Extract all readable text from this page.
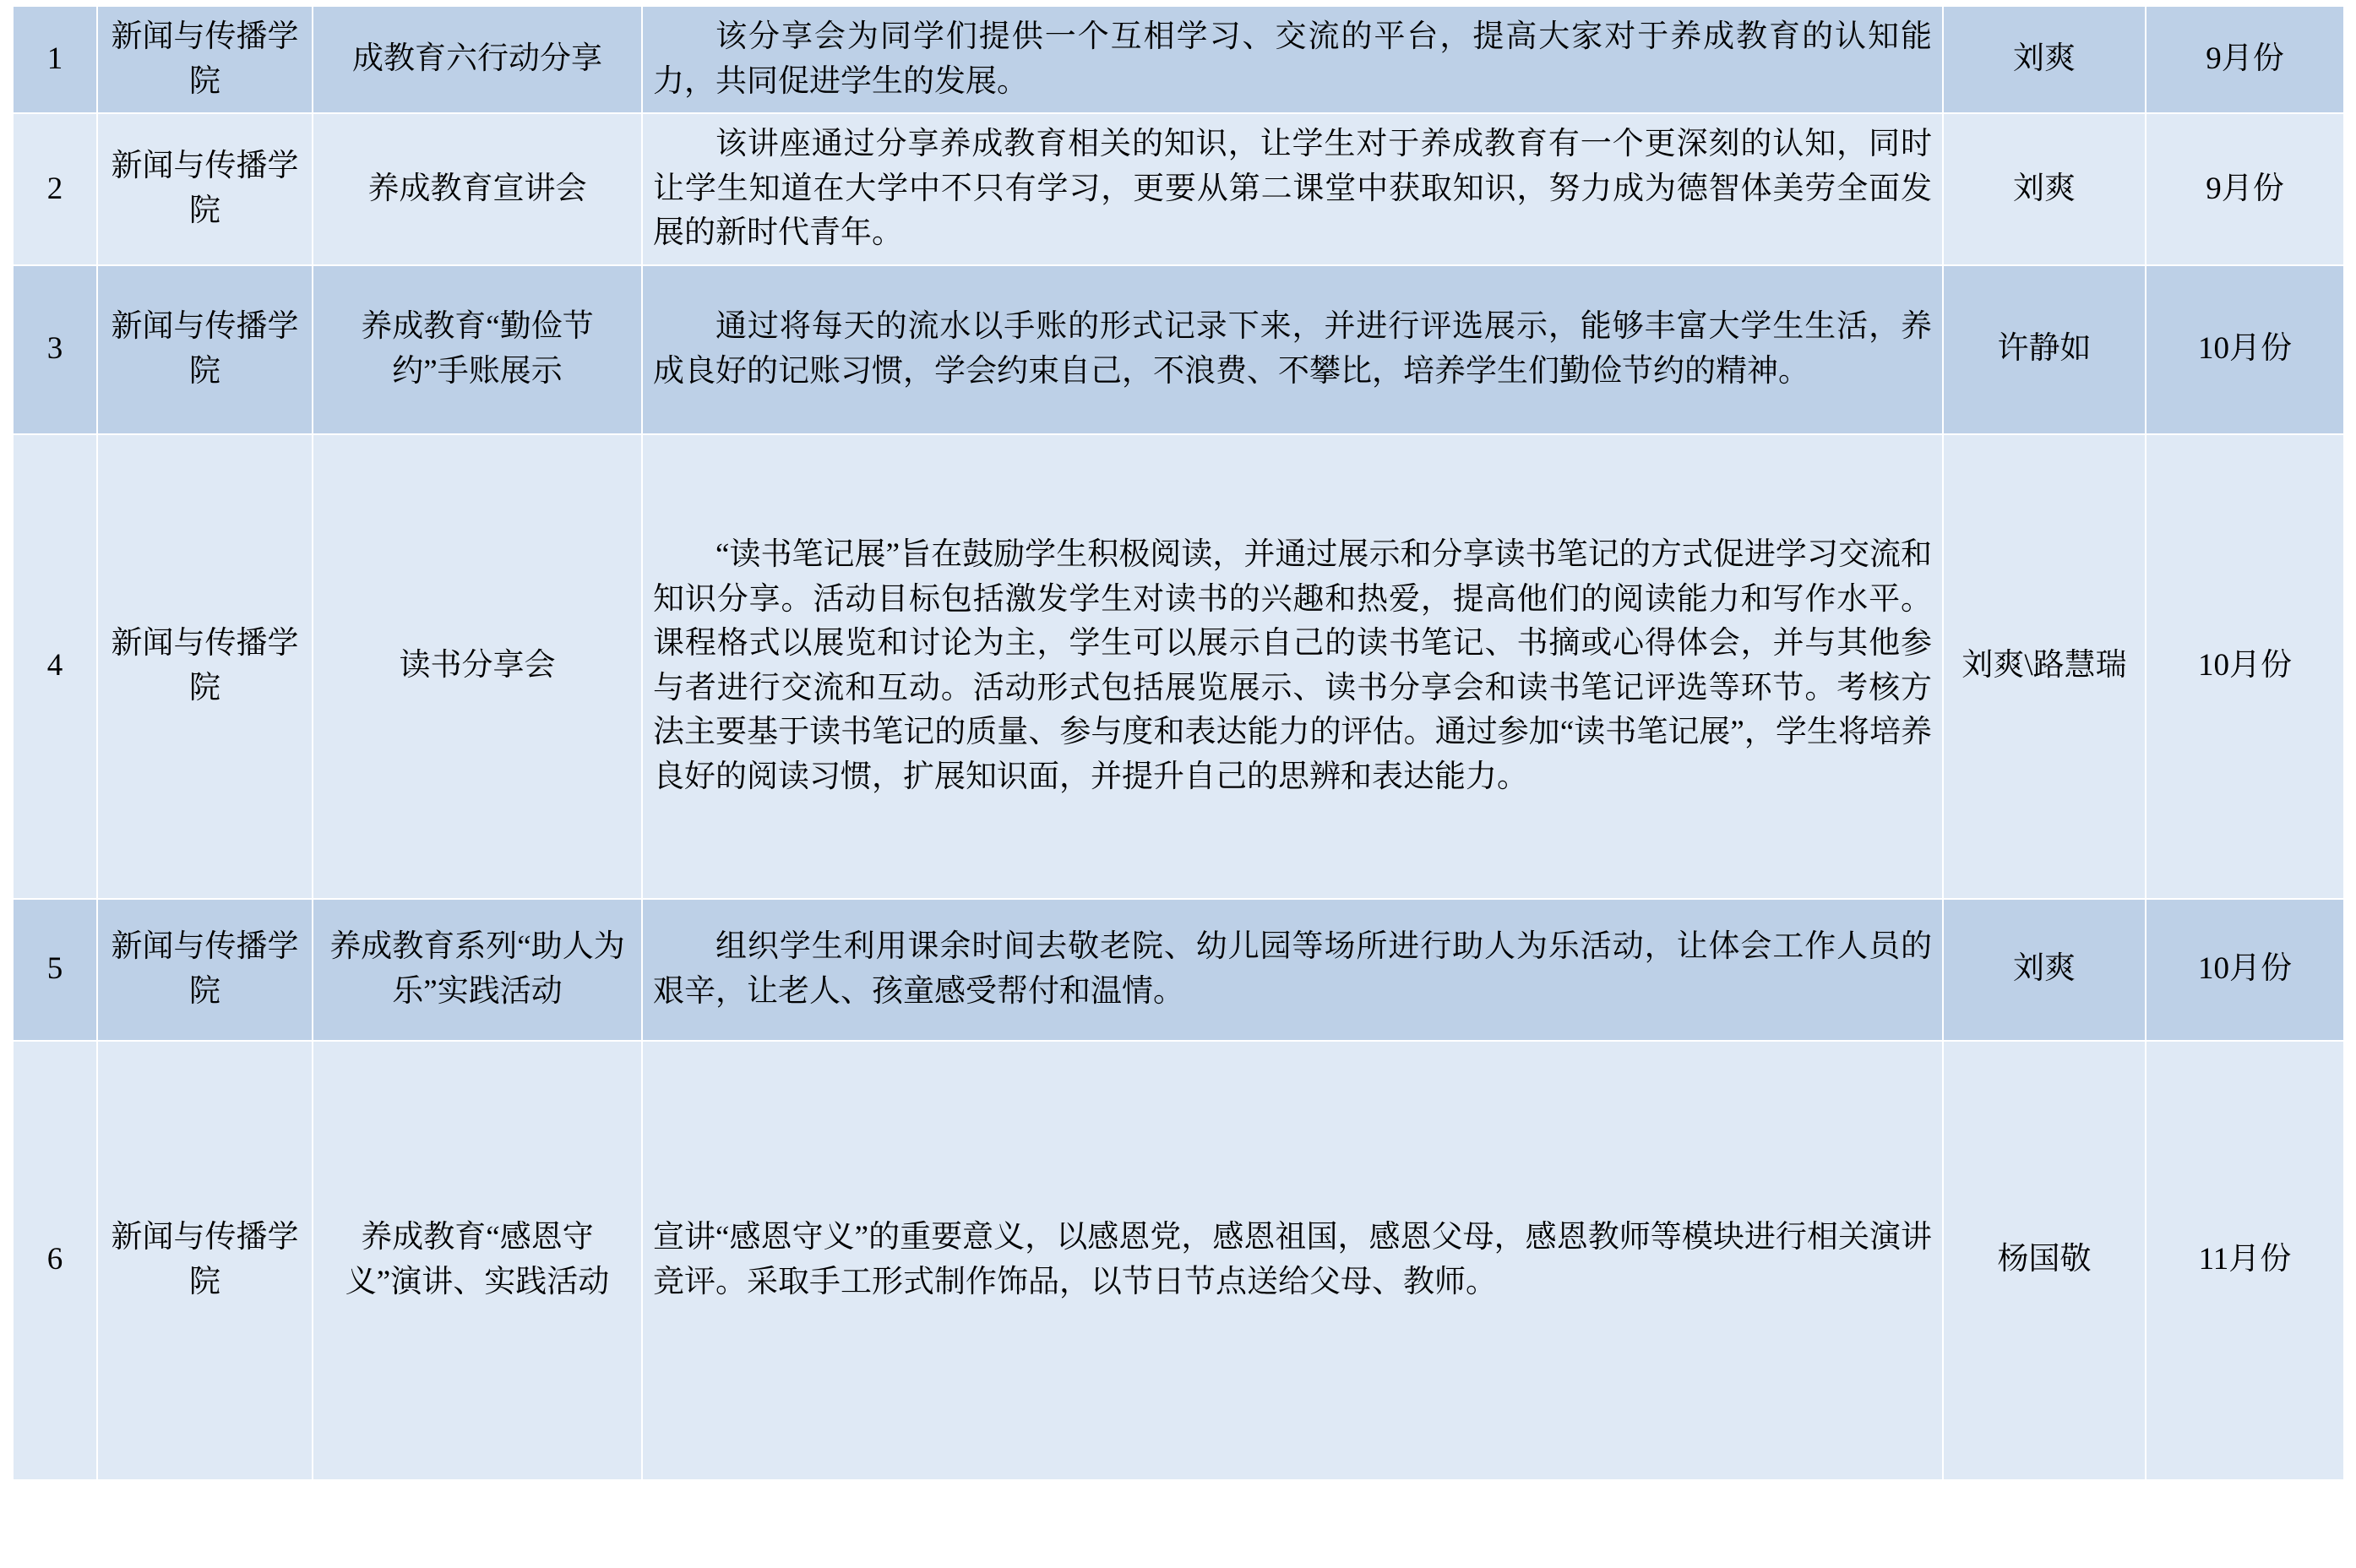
1	新闻与传播学院	成教育六行动分享	该分享会为同学们提供一个互相学习、交流的平台，提高大家对于养成教育的认知能力，共同促进学生的发展。	刘爽	9月份
2	新闻与传播学院	养成教育宣讲会	该讲座通过分享养成教育相关的知识，让学生对于养成教育有一个更深刻的认知，同时让学生知道在大学中不只有学习，更要从第二课堂中获取知识，努力成为德智体美劳全面发展的新时代青年。	刘爽	9月份
3	新闻与传播学院	养成教育“勤俭节约”手账展示	通过将每天的流水以手账的形式记录下来，并进行评选展示，能够丰富大学生生活，养成良好的记账习惯，学会约束自己，不浪费、不攀比，培养学生们勤俭节约的精神。	许静如	10月份
4	新闻与传播学院	读书分享会	“读书笔记展”旨在鼓励学生积极阅读，并通过展示和分享读书笔记的方式促进学习交流和知识分享。活动目标包括激发学生对读书的兴趣和热爱，提高他们的阅读能力和写作水平。课程格式以展览和讨论为主，学生可以展示自己的读书笔记、书摘或心得体会，并与其他参与者进行交流和互动。活动形式包括展览展示、读书分享会和读书笔记评选等环节。考核方法主要基于读书笔记的质量、参与度和表达能力的评估。通过参加“读书笔记展”，学生将培养良好的阅读习惯，扩展知识面，并提升自己的思辨和表达能力。	刘爽\路慧瑞	10月份
5	新闻与传播学院	养成教育系列“助人为乐”实践活动	组织学生利用课余时间去敬老院、幼儿园等场所进行助人为乐活动，让体会工作人员的艰辛，让老人、孩童感受帮付和温情。	刘爽	10月份
6	新闻与传播学院	养成教育“感恩守义”演讲、实践活动	宣讲“感恩守义”的重要意义，以感恩党，感恩祖国，感恩父母，感恩教师等模块进行相关演讲竞评。采取手工形式制作饰品，以节日节点送给父母、教师。	杨国敬	11月份
